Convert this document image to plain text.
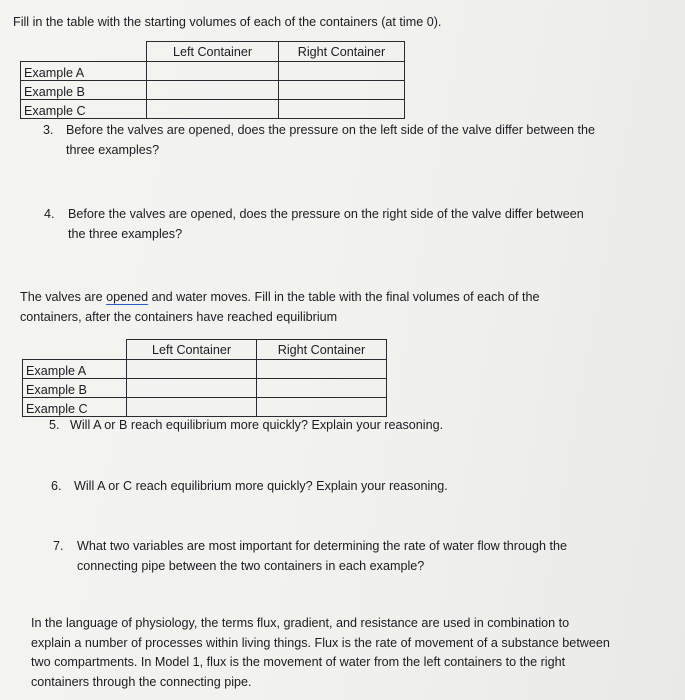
Fill in the table with the starting volumes of each of the containers (at time 0).
	Left Container	Right Container
Example A		
Example B		
Example C		
3. Before the valves are opened, does the pressure on the left side of the valve differ between the
three examples?
4. Before the valves are opened, does the pressure on the right side of the valve differ between
the three examples?
The valves are opened and water moves. Fill in the table with the final volumes of each of the
containers, after the containers have reached equilibrium
	Left Container	Right Container
Example A		
Example B		
Example C		
5. Will A or B reach equilibrium more quickly? Explain your reasoning.
6. Will A or C reach equilibrium more quickly? Explain your reasoning.
7. What two variables are most important for determining the rate of water flow through the
connecting pipe between the two containers in each example?
In the language of physiology, the terms flux, gradient, and resistance are used in combination to
explain a number of processes within living things. Flux is the rate of movement of a substance between
two compartments. In Model 1, flux is the movement of water from the left containers to the right
containers through the connecting pipe.
